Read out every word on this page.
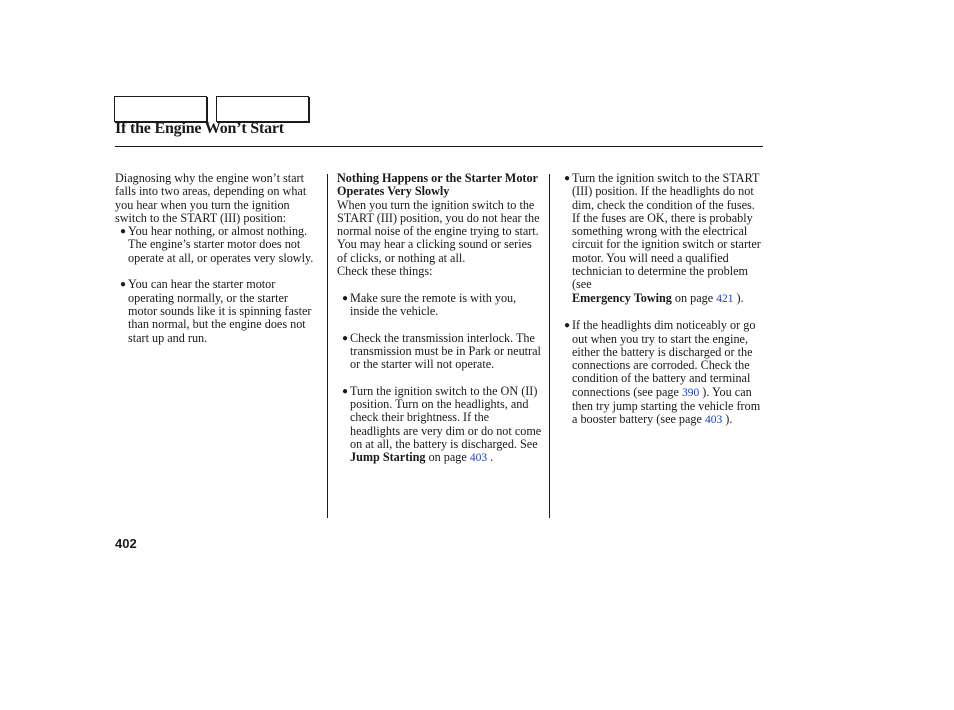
If the Engine Won’t Start

Diagnosing why the engine won’t start falls into two areas, depending on what you hear when you turn the ignition switch to the START (III) position:

● You hear nothing, or almost nothing. The engine’s starter motor does not operate at all, or operates very slowly.

● You can hear the starter motor operating normally, or the starter motor sounds like it is spinning faster than normal, but the engine does not start up and run.

Nothing Happens or the Starter Motor Operates Very Slowly

When you turn the ignition switch to the START (III) position, you do not hear the normal noise of the engine trying to start. You may hear a clicking sound or series of clicks, or nothing at all.

Check these things:

● Make sure the remote is with you, inside the vehicle.

● Check the transmission interlock. The transmission must be in Park or neutral or the starter will not operate.

● Turn the ignition switch to the ON (II) position. Turn on the headlights, and check their brightness. If the headlights are very dim or do not come on at all, the battery is discharged. See
Jump Starting on page 403 .

● Turn the ignition switch to the START (III) position. If the headlights do not dim, check the condition of the fuses. If the fuses are OK, there is probably something wrong with the electrical circuit for the ignition switch or starter motor. You will need a qualified technician to determine the problem (see
Emergency Towing on page 421 ).

● If the headlights dim noticeably or go out when you try to start the engine, either the battery is discharged or the connections are corroded. Check the condition of the battery and terminal connections (see page 390 ). You can then try jump starting the vehicle from a booster battery (see page 403 ).

402
